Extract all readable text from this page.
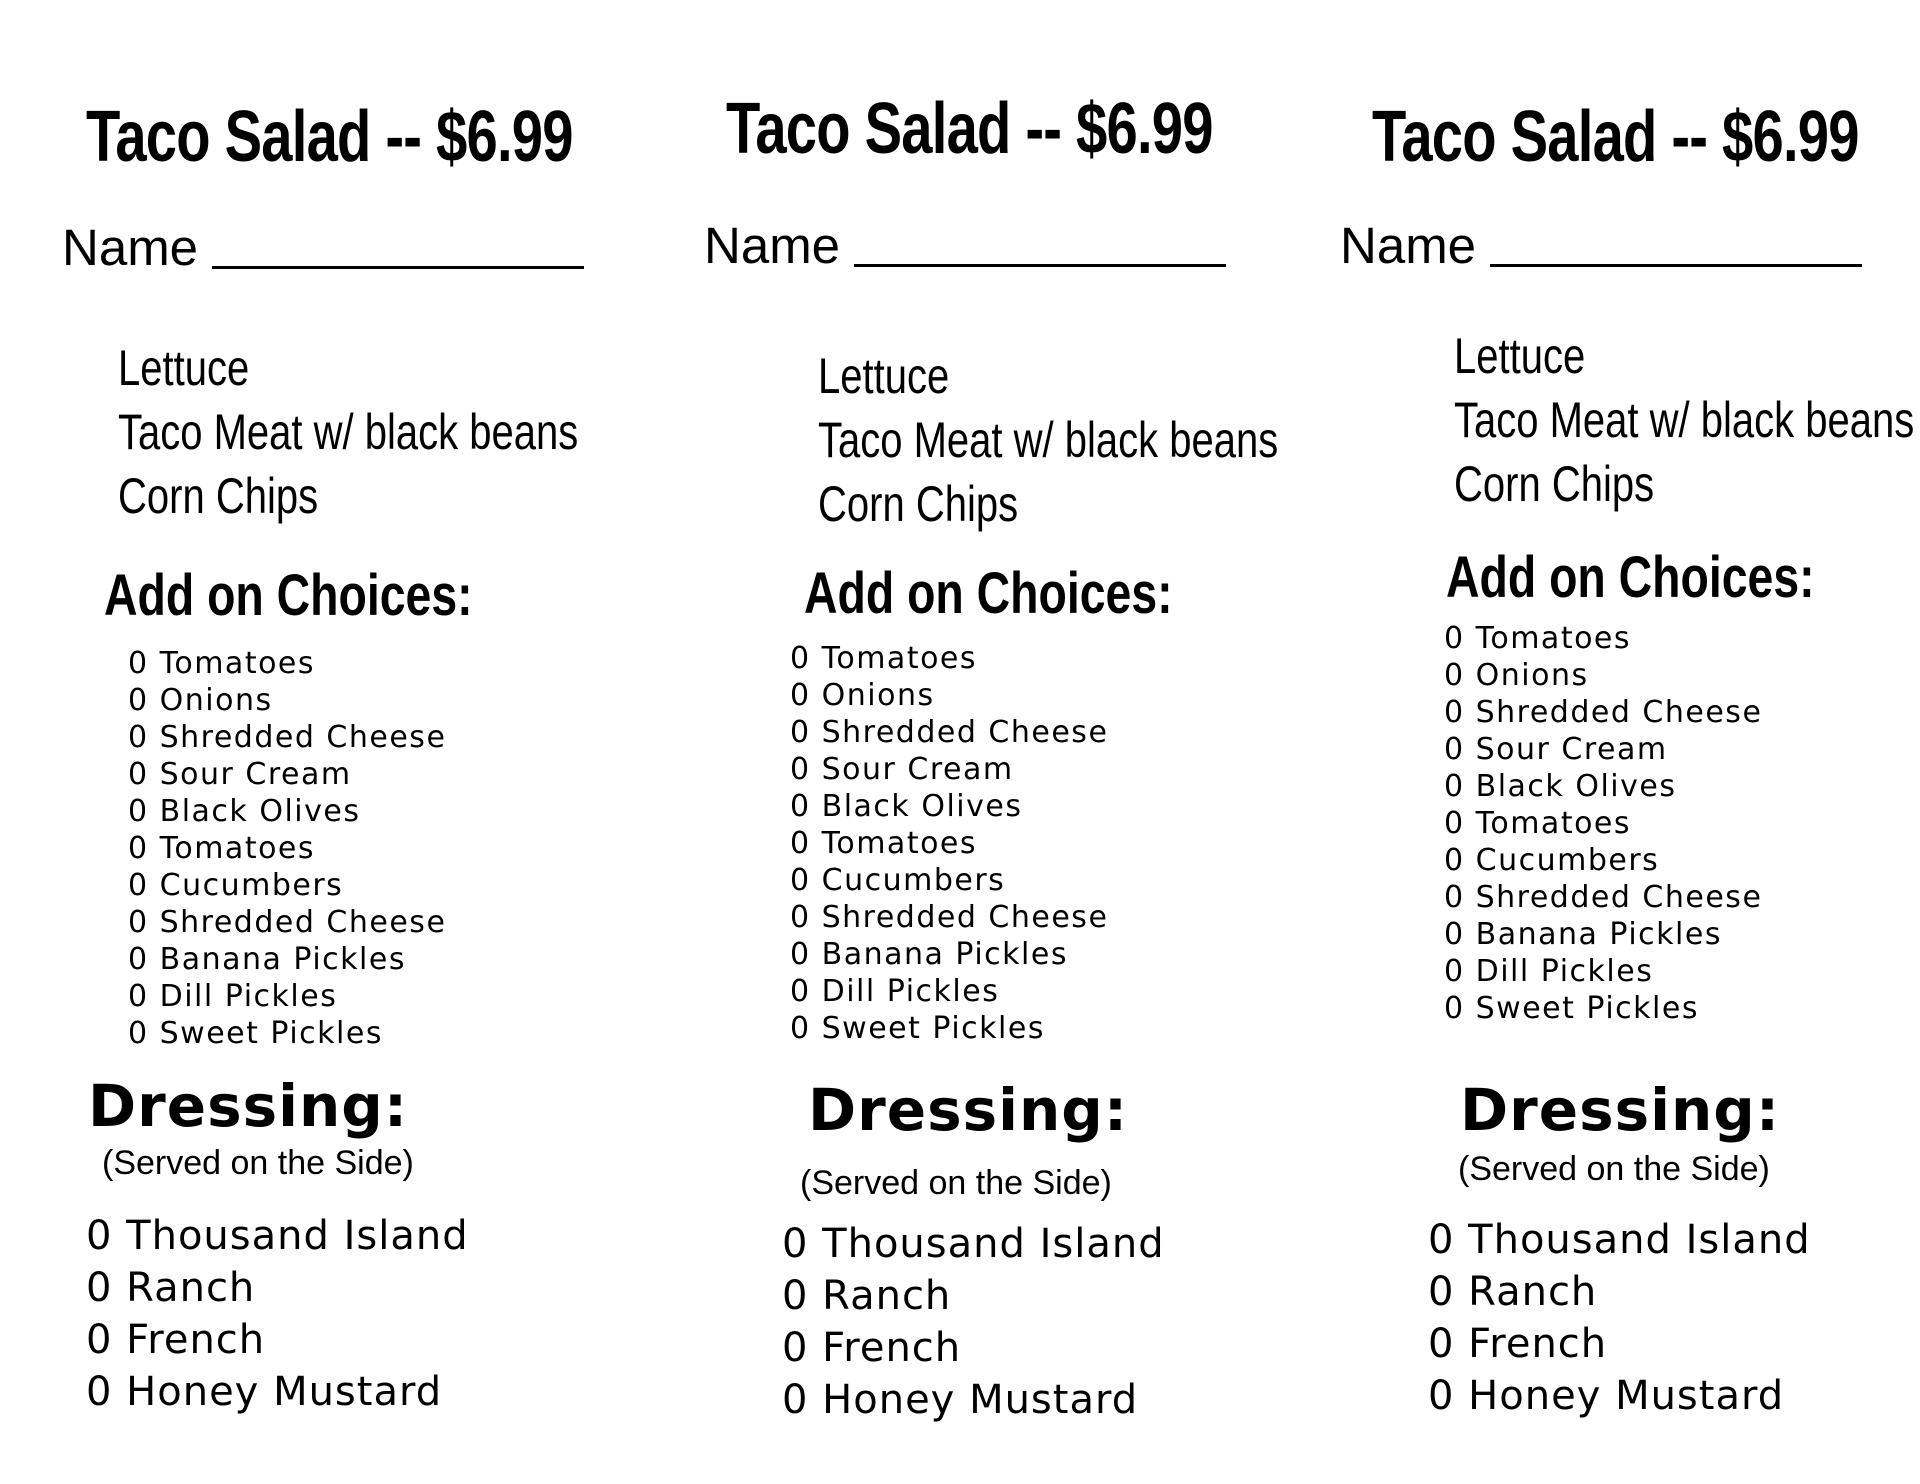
Taco Salad -- $6.99
Name
Lettuce
Taco Meat w/ black beans
Corn Chips
Add on Choices:
0 Tomatoes
0 Onions
0 Shredded Cheese
0 Sour Cream
0 Black Olives
0 Tomatoes
0 Cucumbers
0 Shredded Cheese
0 Banana Pickles
0 Dill Pickles
0 Sweet Pickles
Dressing:
(Served on the Side)
0 Thousand Island
0 Ranch
0 French
0 Honey Mustard
Taco Salad -- $6.99
Name
Lettuce
Taco Meat w/ black beans
Corn Chips
Add on Choices:
0 Tomatoes
0 Onions
0 Shredded Cheese
0 Sour Cream
0 Black Olives
0 Tomatoes
0 Cucumbers
0 Shredded Cheese
0 Banana Pickles
0 Dill Pickles
0 Sweet Pickles
Dressing:
(Served on the Side)
0 Thousand Island
0 Ranch
0 French
0 Honey Mustard
Taco Salad -- $6.99
Name
Lettuce
Taco Meat w/ black beans
Corn Chips
Add on Choices:
0 Tomatoes
0 Onions
0 Shredded Cheese
0 Sour Cream
0 Black Olives
0 Tomatoes
0 Cucumbers
0 Shredded Cheese
0 Banana Pickles
0 Dill Pickles
0 Sweet Pickles
Dressing:
(Served on the Side)
0 Thousand Island
0 Ranch
0 French
0 Honey Mustard
